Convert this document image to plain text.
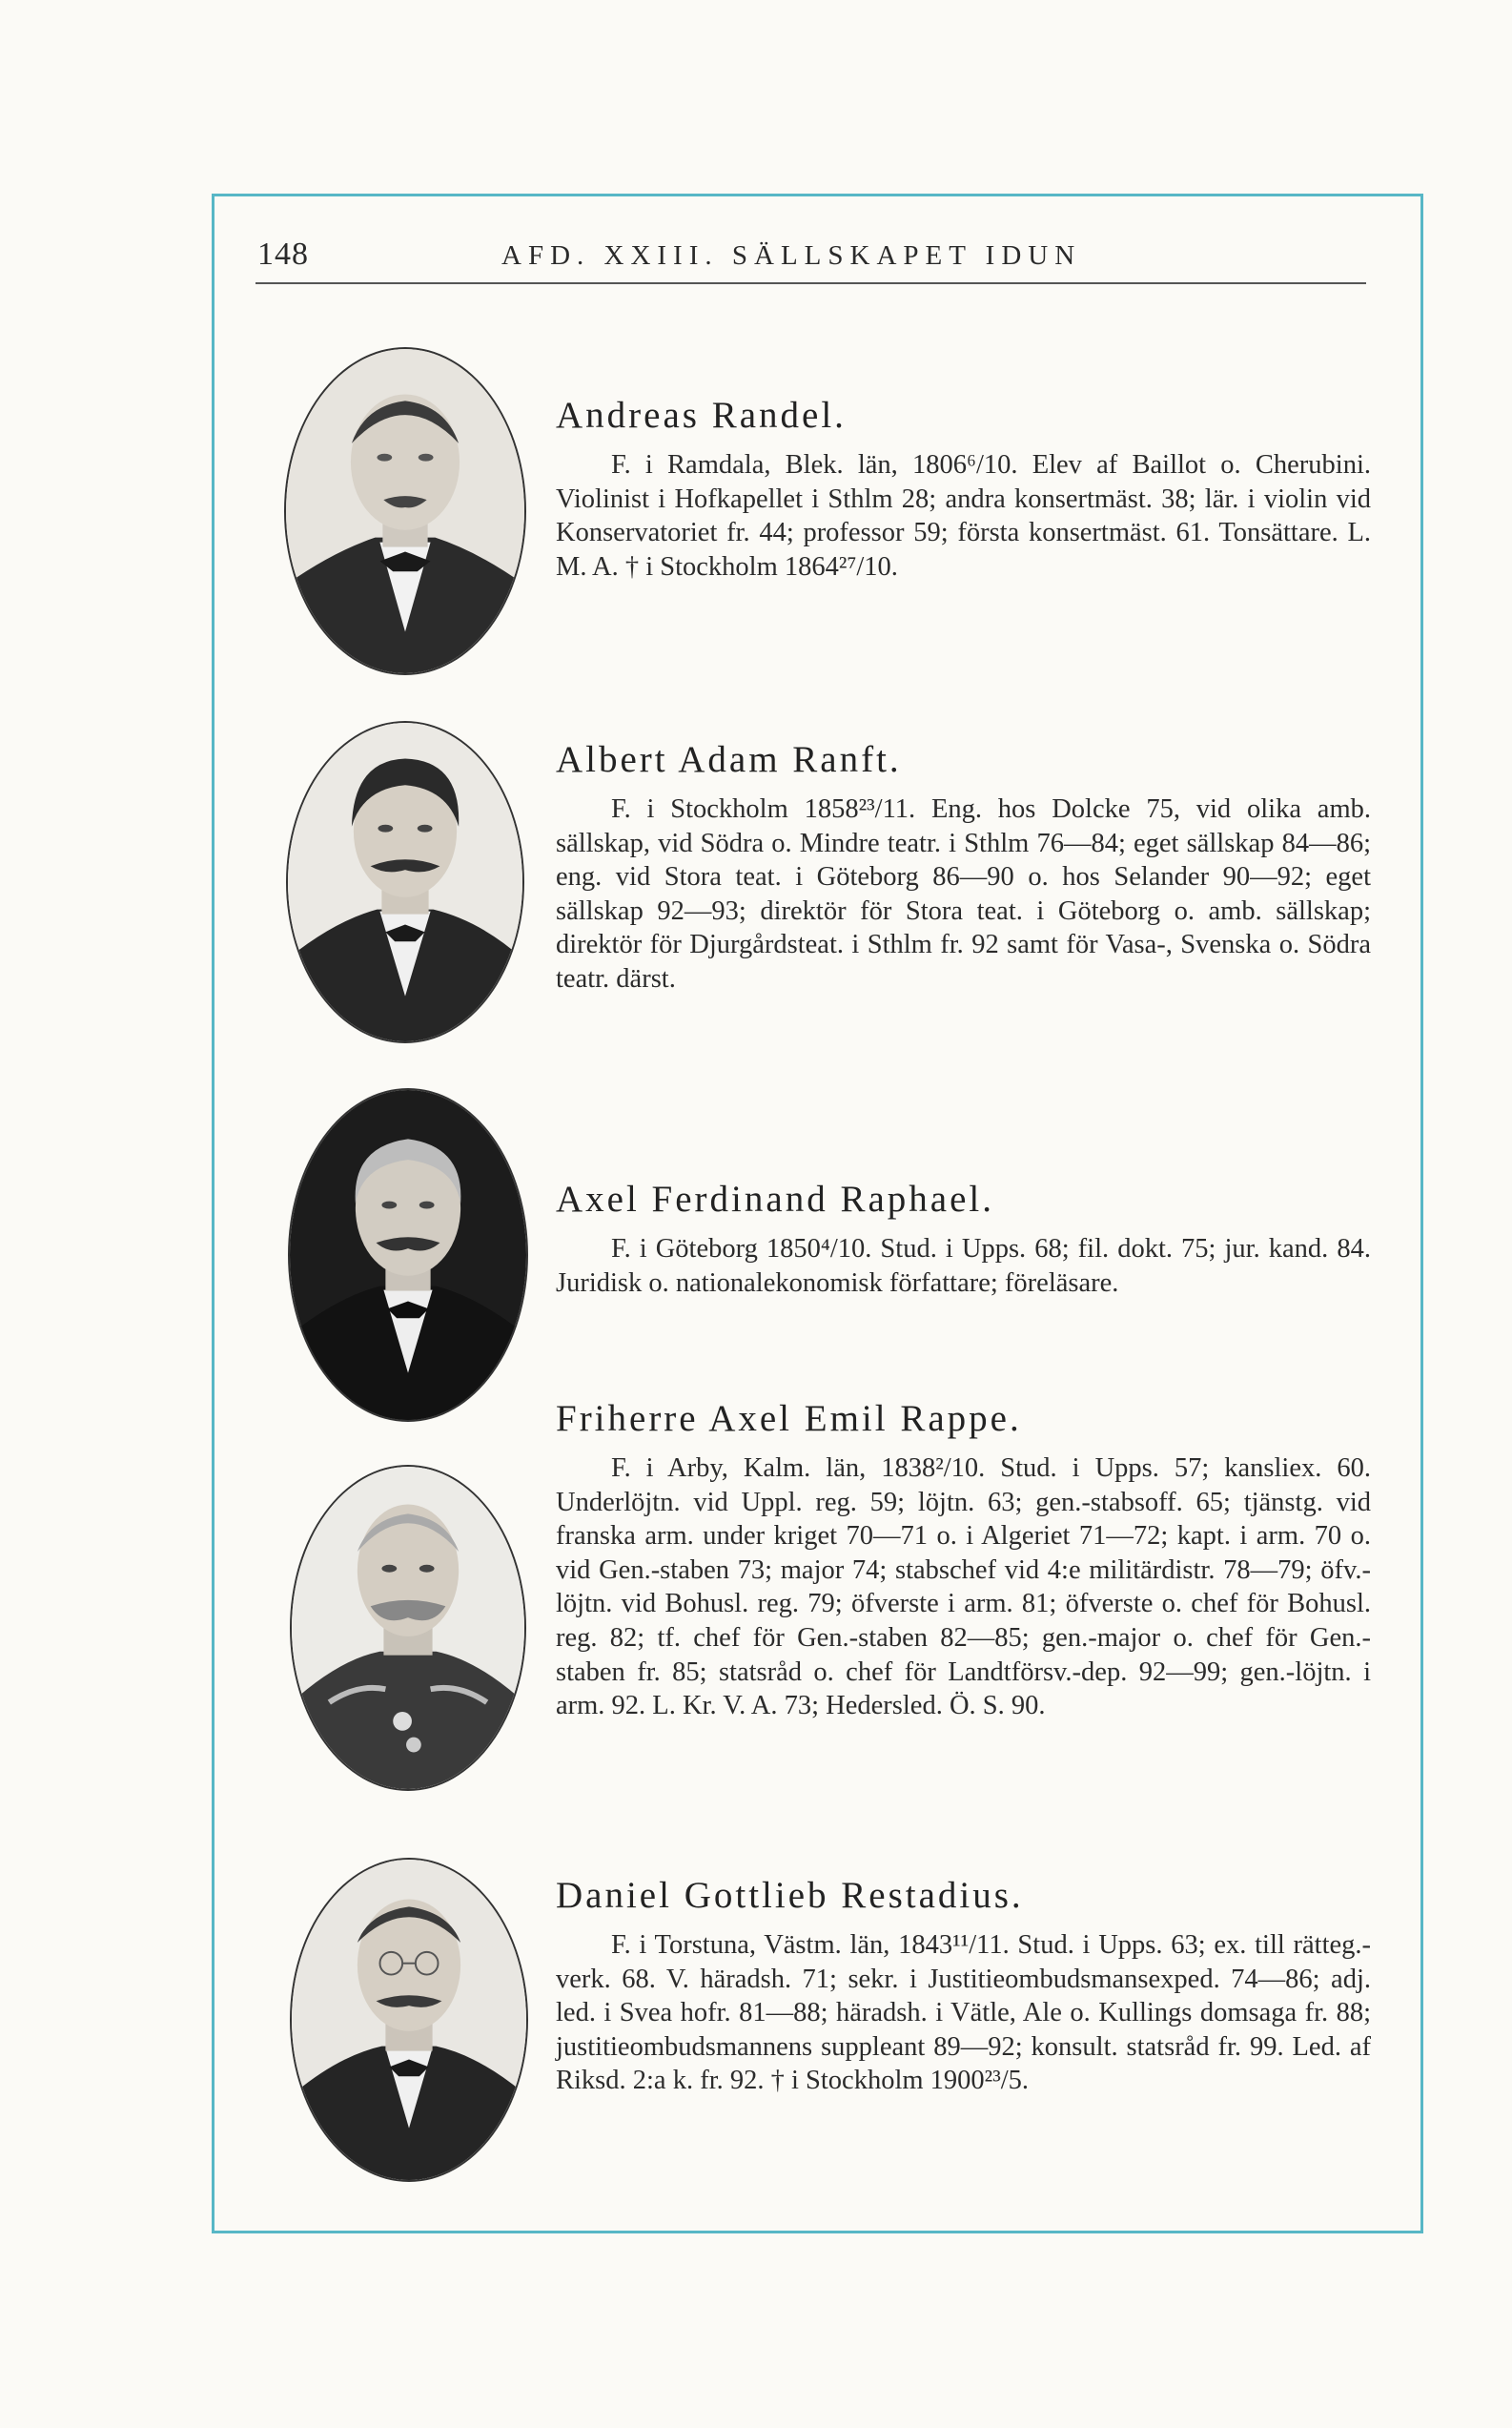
148	AFD. XXIII. SÄLLSKAPET IDUN
Andreas Randel.

F. i Ramdala, Blek. län, 1806⁶/10. Elev af Baillot o. Cherubini. Violinist i Hofkapellet i Sthlm 28; andra konsertmäst. 38; lär. i violin vid Konservatoriet fr. 44; professor 59; första konsertmäst. 61. Tonsättare. L. M. A. † i Stockholm 1864²⁷/10.

Albert Adam Ranft.

F. i Stockholm 1858²³/11. Eng. hos Dolcke 75, vid olika amb. sällskap, vid Södra o. Mindre teatr. i Sthlm 76—84; eget sällskap 84—86; eng. vid Stora teat. i Göteborg 86—90 o. hos Selander 90—92; eget sällskap 92—93; direktör för Stora teat. i Göteborg o. amb. sällskap; direktör för Djurgårdsteat. i Sthlm fr. 92 samt för Vasa-, Svenska o. Södra teatr. därst.

Axel Ferdinand Raphael.

F. i Göteborg 1850⁴/10. Stud. i Upps. 68; fil. dokt. 75; jur. kand. 84. Juridisk o. nationalekonomisk författare; föreläsare.

Friherre Axel Emil Rappe.

F. i Arby, Kalm. län, 1838²/10. Stud. i Upps. 57; kansliex. 60. Underlöjtn. vid Uppl. reg. 59; löjtn. 63; gen.-stabsoff. 65; tjänstg. vid franska arm. under kriget 70—71 o. i Algeriet 71—72; kapt. i arm. 70 o. vid Gen.-staben 73; major 74; stabschef vid 4:e militärdistr. 78—79; öfv.-löjtn. vid Bohusl. reg. 79; öfverste i arm. 81; öfverste o. chef för Bohusl. reg. 82; tf. chef för Gen.-staben 82—85; gen.-major o. chef för Gen.-staben fr. 85; statsråd o. chef för Landtförsv.-dep. 92—99; gen.-löjtn. i arm. 92. L. Kr. V. A. 73; Hedersled. Ö. S. 90.

Daniel Gottlieb Restadius.

F. i Torstuna, Västm. län, 1843¹¹/11. Stud. i Upps. 63; ex. till rätteg.-verk. 68. V. häradsh. 71; sekr. i Justitieombudsmansexped. 74—86; adj. led. i Svea hofr. 81—88; häradsh. i Vätle, Ale o. Kullings domsaga fr. 88; justitieombudsmannens suppleant 89—92; konsult. statsråd fr. 99. Led. af Riksd. 2:a k. fr. 92. † i Stockholm 1900²³/5.
